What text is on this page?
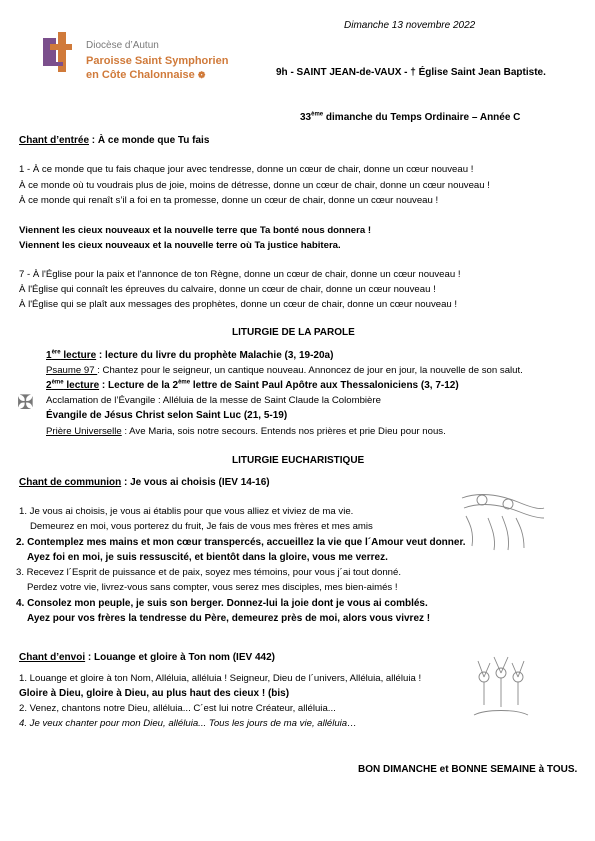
Dimanche 13 novembre 2022
Diocèse d’Autun
Paroisse Saint Symphorien
en Côte Chalonnaise ❁	9h - SAINT JEAN-de-VAUX - † Église Saint Jean Baptiste.
33ème dimanche du Temps Ordinaire – Année C
Chant d’entrée : À ce monde que Tu fais
1 - À ce monde que tu fais chaque jour avec tendresse, donne un cœur de chair, donne un cœur nouveau !
À ce monde où tu voudrais plus de joie, moins de détresse, donne un cœur de chair, donne un cœur nouveau !
À ce monde qui renaît s’il a foi en ta promesse, donne un cœur de chair, donne un cœur nouveau !
Viennent les cieux nouveaux et la nouvelle terre que Ta bonté nous donnera !
Viennent les cieux nouveaux et la nouvelle terre où Ta justice habitera.
7 - À l'Église pour la paix et l'annonce de ton Règne, donne un cœur de chair, donne un cœur nouveau !
À l'Église qui connaît les épreuves du calvaire, donne un cœur de chair, donne un cœur nouveau !
À l'Église qui se plaît aux messages des prophètes, donne un cœur de chair, donne un cœur nouveau !
LITURGIE DE LA PAROLE
1ère lecture : lecture du livre du prophète Malachie (3, 19-20a)
Psaume 97 : Chantez pour le seigneur, un cantique nouveau. Annoncez de jour en jour, la nouvelle de son salut.
2ème lecture : Lecture de la 2ème lettre de Saint Paul Apôtre aux Thessaloniciens (3, 7-12)
✠ Acclamation de l’Évangile : Alléluia de la messe de Saint Claude la Colombière
Évangile de Jésus Christ selon Saint Luc (21, 5-19)
Prière Universelle : Ave Maria, sois notre secours. Entends nos prières et prie Dieu pour nous.
LITURGIE EUCHARISTIQUE
Chant de communion : Je vous ai choisis (IEV 14-16)
1. Je vous ai choisis, je vous ai établis pour que vous alliez et viviez de ma vie.
Demeurez en moi, vous porterez du fruit, Je fais de vous mes frères et mes amis
2. Contemplez mes mains et mon cœur transpercés, accueillez la vie que l´Amour veut donner.
Ayez foi en moi, je suis ressuscité, et bientôt dans la gloire, vous me verrez.
3. Recevez l´Esprit de puissance et de paix, soyez mes témoins, pour vous j´ai tout donné.
Perdez votre vie, livrez-vous sans compter, vous serez mes disciples, mes bien-aimés !
4. Consolez mon peuple, je suis son berger. Donnez-lui la joie dont je vous ai comblés.
Ayez pour vos frères la tendresse du Père, demeurez près de moi, alors vous vivrez !
Chant d’envoi : Louange et gloire à Ton nom (IEV 442)
1. Louange et gloire à ton Nom, Alléluia, alléluia ! Seigneur, Dieu de l´univers, Alléluia, alléluia !
Gloire à Dieu, gloire à Dieu, au plus haut des cieux ! (bis)
2. Venez, chantons notre Dieu, alléluia... C´est lui notre Créateur, alléluia...
4. Je veux chanter pour mon Dieu, alléluia... Tous les jours de ma vie, alléluia…
BON DIMANCHE et BONNE SEMAINE à TOUS.
